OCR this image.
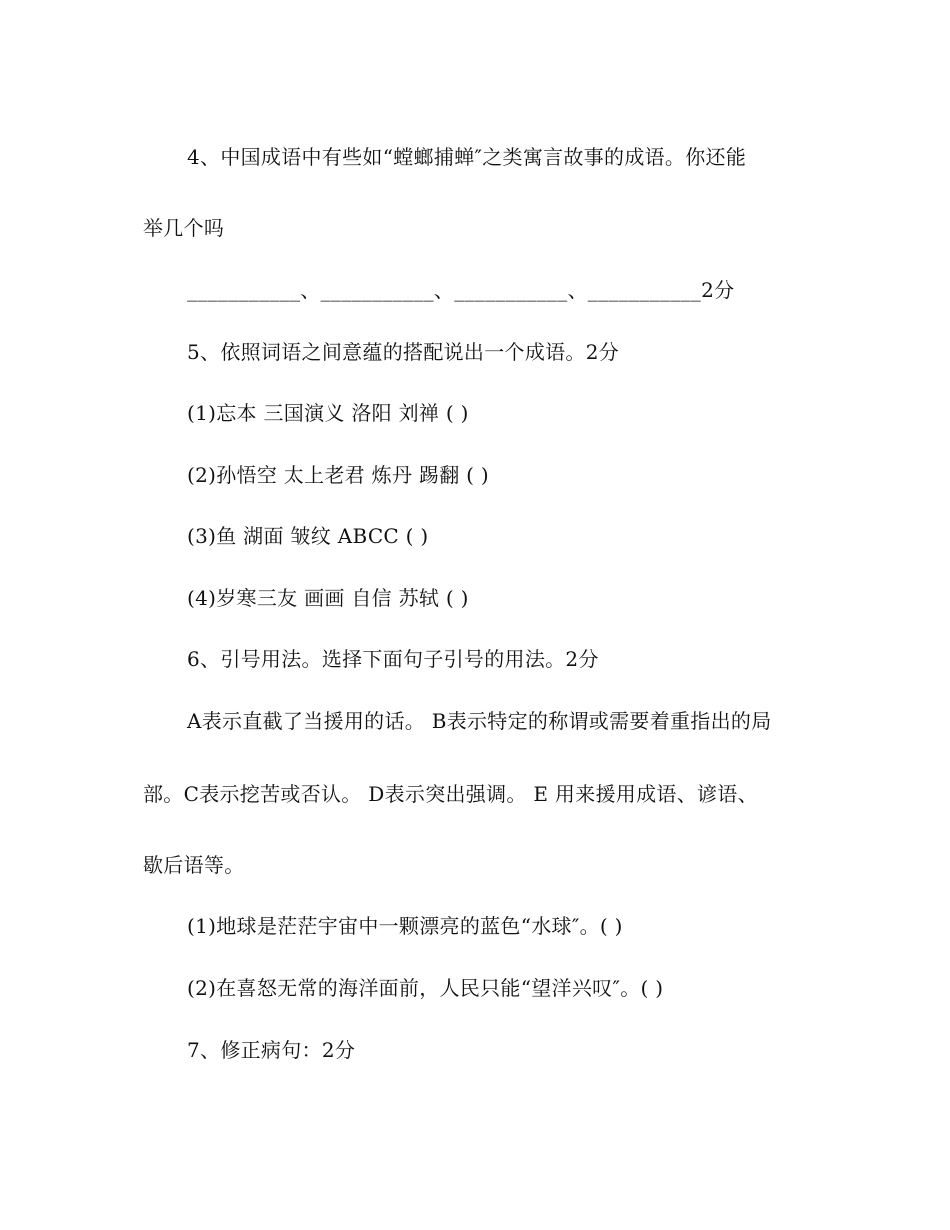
4、中国成语中有些如“螳螂捕蝉″之类寓言故事的成语。你还能
举几个吗
___________、___________、___________、___________2分
5、依照词语之间意蕴的搭配说出一个成语。2分
(1)忘本 三国演义 洛阳 刘禅 ( )
(2)孙悟空 太上老君 炼丹 踢翻 ( )
(3)鱼 湖面 皱纹 ABCC ( )
(4)岁寒三友 画画 自信 苏轼 ( )
6、引号用法。选择下面句子引号的用法。2分
A表示直截了当援用的话。 B表示特定的称谓或需要着重指出的局
部。C表示挖苦或否认。 D表示突出强调。 E 用来援用成语、谚语、
歇后语等。
(1)地球是茫茫宇宙中一颗漂亮的蓝色“水球″。( )
(2)在喜怒无常的海洋面前，人民只能“望洋兴叹″。( )
7、修正病句：2分
